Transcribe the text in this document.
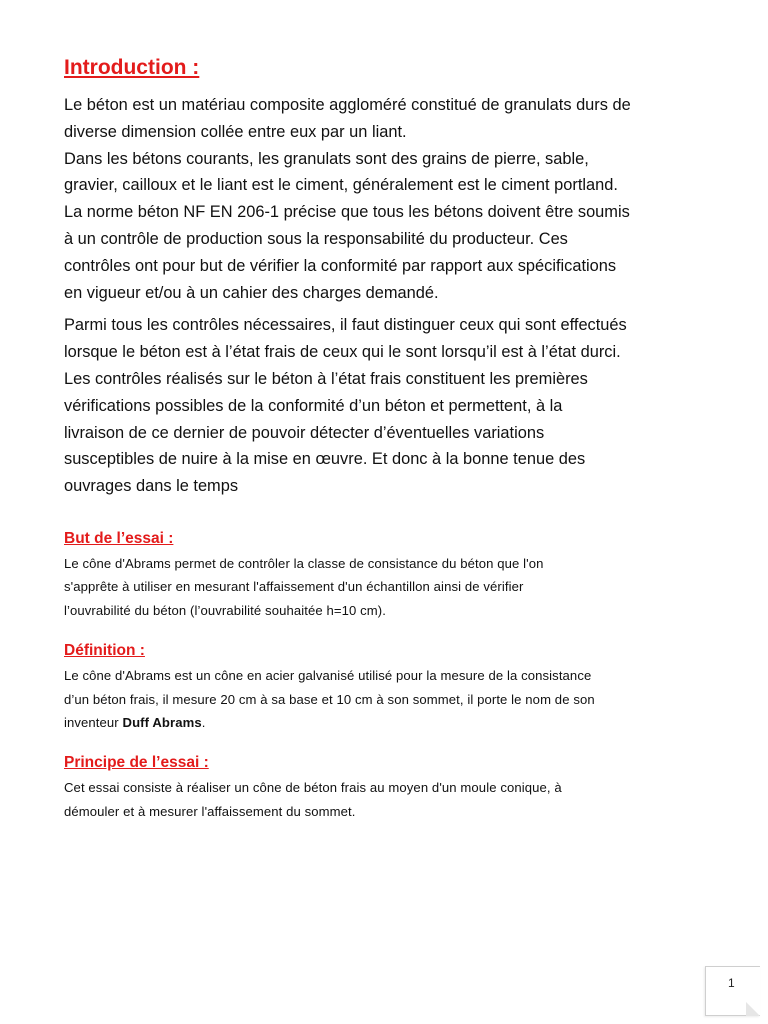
Introduction :

Le béton est un matériau composite aggloméré constitué de granulats durs de
diverse dimension collée entre eux par un liant.
Dans les bétons courants, les granulats sont des grains de pierre, sable,
gravier, cailloux et le liant est le ciment, généralement est le ciment portland.
La norme béton NF EN 206-1 précise que tous les bétons doivent être soumis
à un contrôle de production sous la responsabilité du producteur. Ces
contrôles ont pour but de vérifier la conformité par rapport aux spécifications
en vigueur et/ou à un cahier des charges demandé.

Parmi tous les contrôles nécessaires, il faut distinguer ceux qui sont effectués
lorsque le béton est à l’état frais de ceux qui le sont lorsqu’il est à l’état durci.
Les contrôles réalisés sur le béton à l’état frais constituent les premières
vérifications possibles de la conformité d’un béton et permettent, à la
livraison de ce dernier de pouvoir détecter d’éventuelles variations
susceptibles de nuire à la mise en œuvre. Et donc à la bonne tenue des
ouvrages dans le temps

But de l’essai :

Le cône d'Abrams permet de contrôler la classe de consistance du béton que l'on
s'apprête à utiliser en mesurant l'affaissement d'un échantillon ainsi de vérifier
l’ouvrabilité du béton (l’ouvrabilité souhaitée h=10 cm).

Définition :

Le cône d'Abrams est un cône en acier galvanisé utilisé pour la mesure de la consistance
d’un béton frais, il mesure 20 cm à sa base et 10 cm à son sommet, il porte le nom de son
inventeur Duff Abrams.

Principe de l’essai :

Cet essai consiste à réaliser un cône de béton frais au moyen d'un moule conique, à
démouler et à mesurer l'affaissement du sommet.

1
